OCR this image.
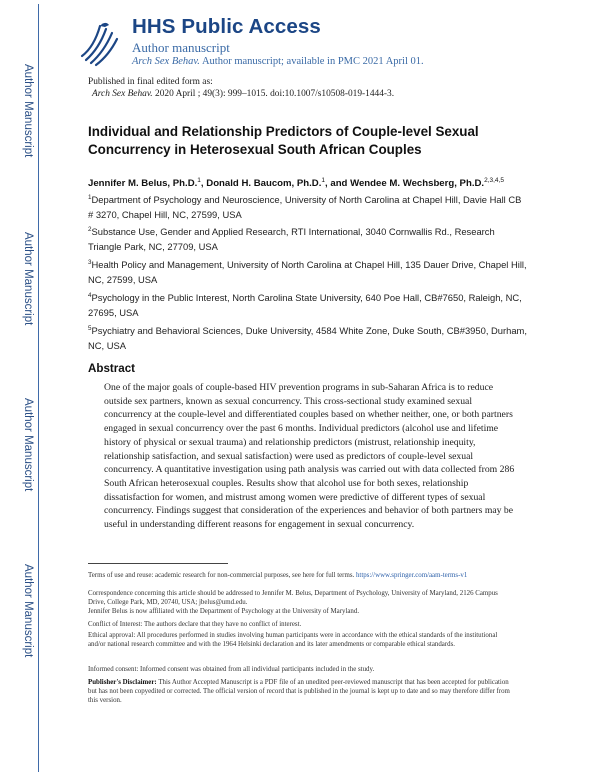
Author Manuscript
Author Manuscript
Author Manuscript
Author Manuscript
HHS Public Access
Author manuscript
Arch Sex Behav. Author manuscript; available in PMC 2021 April 01.
Published in final edited form as:
Arch Sex Behav. 2020 April ; 49(3): 999–1015. doi:10.1007/s10508-019-1444-3.
Individual and Relationship Predictors of Couple-level Sexual Concurrency in Heterosexual South African Couples
Jennifer M. Belus, Ph.D.$^1$, Donald H. Baucom, Ph.D.$^1$, and Wendee M. Wechsberg, Ph.D.$^{2,3,4,5}$
$^1$Department of Psychology and Neuroscience, University of North Carolina at Chapel Hill, Davie Hall CB # 3270, Chapel Hill, NC, 27599, USA
$^2$Substance Use, Gender and Applied Research, RTI International, 3040 Cornwallis Rd., Research Triangle Park, NC, 27709, USA
$^3$Health Policy and Management, University of North Carolina at Chapel Hill, 135 Dauer Drive, Chapel Hill, NC, 27599, USA
$^4$Psychology in the Public Interest, North Carolina State University, 640 Poe Hall, CB#7650, Raleigh, NC, 27695, USA
$^5$Psychiatry and Behavioral Sciences, Duke University, 4584 White Zone, Duke South, CB#3950, Durham, NC, USA
Abstract
One of the major goals of couple-based HIV prevention programs in sub-Saharan Africa is to reduce outside sex partners, known as sexual concurrency. This cross-sectional study examined sexual concurrency at the couple-level and differentiated couples based on whether neither, one, or both partners engaged in sexual concurrency over the past 6 months. Individual predictors (alcohol use and lifetime history of physical or sexual trauma) and relationship predictors (mistrust, relationship inequity, relationship satisfaction, and sexual satisfaction) were used as predictors of couple-level sexual concurrency. A quantitative investigation using path analysis was carried out with data collected from 286 South African heterosexual couples. Results show that alcohol use for both sexes, relationship dissatisfaction for women, and mistrust among women were predictive of different types of sexual concurrency. Findings suggest that consideration of the experiences and behavior of both partners may be useful in understanding different reasons for engagement in sexual concurrency.
Terms of use and reuse: academic research for non-commercial purposes, see here for full terms. https://www.springer.com/aam-terms-v1
Correspondence concerning this article should be addressed to Jennifer M. Belus, Department of Psychology, University of Maryland, 2126 Campus Drive, College Park, MD, 20740, USA; jbelus@umd.edu.
Jennifer Belus is now affiliated with the Department of Psychology at the University of Maryland.
Conflict of Interest: The authors declare that they have no conflict of interest.
Ethical approval: All procedures performed in studies involving human participants were in accordance with the ethical standards of the institutional and/or national research committee and with the 1964 Helsinki declaration and its later amendments or comparable ethical standards.
Informed consent: Informed consent was obtained from all individual participants included in the study.
Publisher's Disclaimer: This Author Accepted Manuscript is a PDF file of an unedited peer-reviewed manuscript that has been accepted for publication but has not been copyedited or corrected. The official version of record that is published in the journal is kept up to date and so may therefore differ from this version.
